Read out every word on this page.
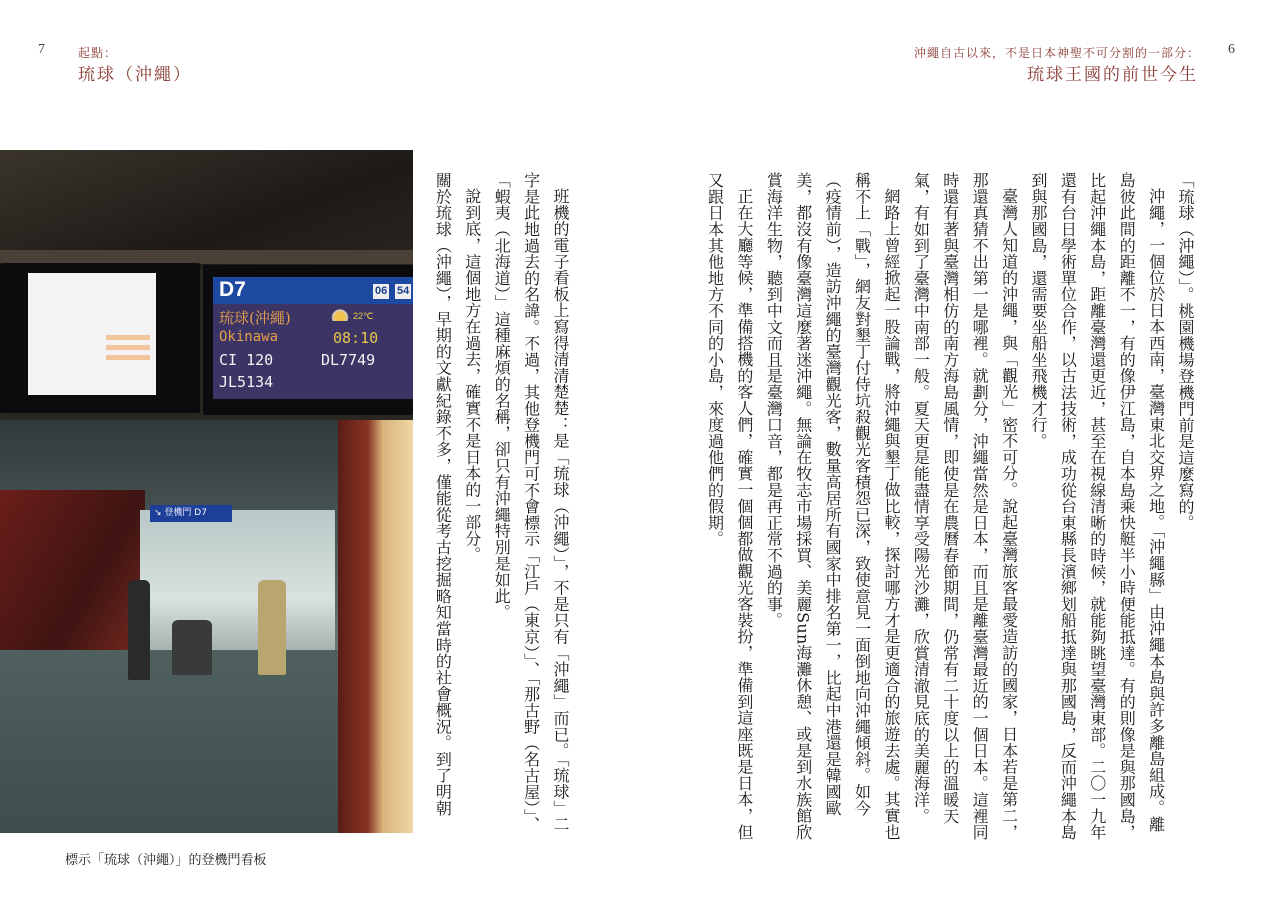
7	起點：
琉球（沖繩）
沖繩自古以來，不是日本神聖不可分割的一部分： 6
琉球王國的前世今生
↘ 登機門 D7
D7	06 54
琉球(沖繩)	22℃
Okinawa	08:10
CI 120	DL7749
JL5134
標示「琉球（沖繩）」的登機門看板

班機的電子看板上寫得清清楚楚：是「琉球（沖繩）」，不是只有「沖繩」而已。「琉球」二字是此地過去的名諱。不過，其他登機門可不會標示「江戶（東京）」、「那古野（名古屋）」、「蝦夷（北海道）」這種麻煩的名稱，卻只有沖繩特別是如此。

說到底，這個地方在過去，確實不是日本的一部分。

關於琉球（沖繩），早期的文獻紀錄不多，僅能從考古挖掘略知當時的社會概況。到了明朝	「琉球（沖繩）」。桃園機場登機門前是這麼寫的。

沖繩，一個位於日本西南，臺灣東北交界之地。「沖繩縣」由沖繩本島與許多離島組成。離島彼此間的距離不一，有的像伊江島，自本島乘快艇半小時便能抵達。有的則像是與那國島，比起沖繩本島，距離臺灣還更近，甚至在視線清晰的時候，就能夠眺望臺灣東部。二〇一九年還有台日學術單位合作，以古法技術，成功從台東縣長濱鄉划船抵達與那國島，反而沖繩本島到與那國島，還需要坐船坐飛機才行。

臺灣人知道的沖繩，與「觀光」密不可分。說起臺灣旅客最愛造訪的國家，日本若是第二，那還真猜不出第一是哪裡。就劃分，沖繩當然是日本，而且是離臺灣最近的一個日本。這裡同時還有著與臺灣相仿的南方海島風情，即使是在農曆春節期間，仍常有二十度以上的溫暖天氣，有如到了臺灣中南部一般。夏天更是能盡情享受陽光沙灘，欣賞清澈見底的美麗海洋。

網路上曾經掀起一股論戰，將沖繩與墾丁做比較，探討哪方才是更適合的旅遊去處。其實也稱不上「戰」，網友對墾丁付侍坑殺觀光客積怨已深，致使意見一面倒地向沖繩傾斜。如今（疫情前），造訪沖繩的臺灣觀光客，數量高居所有國家中排名第一，比起中港還是韓國歐美，都沒有像臺灣這麼著迷沖繩。無論在牧志市場採買、美麗Sun海灘休憩、或是到水族館欣賞海洋生物，聽到中文而且是臺灣口音，都是再正常不過的事。

正在大廳等候，準備搭機的客人們，確實一個個都做觀光客裝扮，準備到這座既是日本，但又跟日本其他地方不同的小島，來度過他們的假期。
